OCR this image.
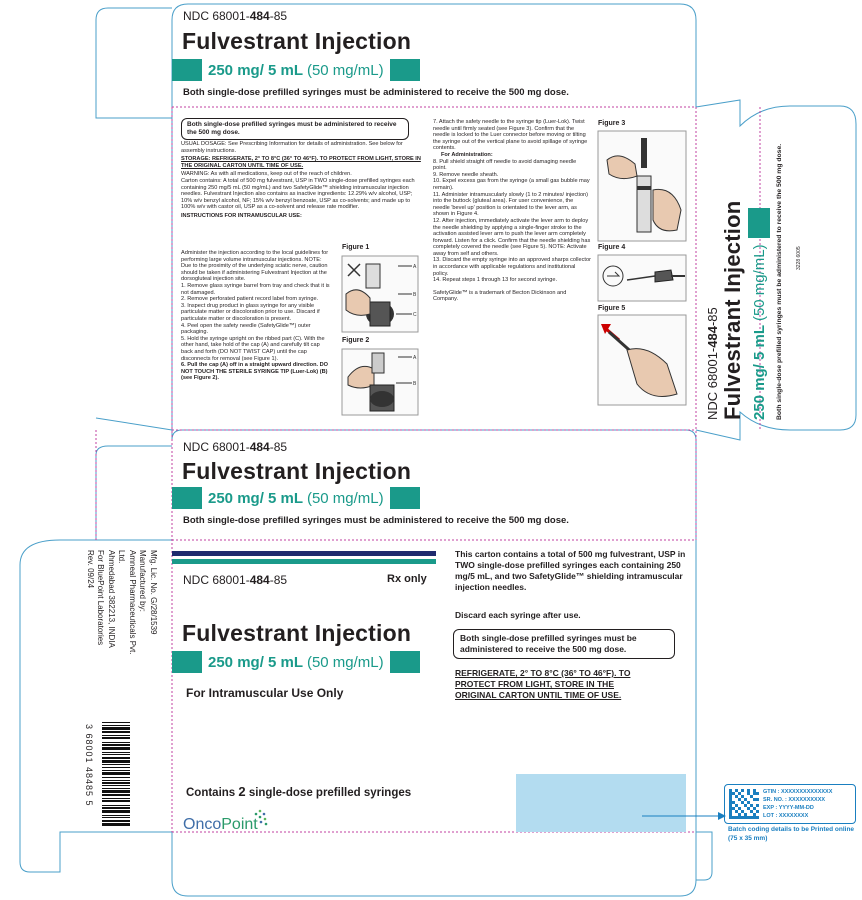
NDC 68001-484-85
Fulvestrant Injection
250 mg/ 5 mL (50 mg/mL)
Both single-dose prefilled syringes must be administered to receive the 500 mg dose.
Both single-dose prefilled syringes must be administered to receive the 500 mg dose.
USUAL DOSAGE: See Prescribing Information for details of administration. See below for assembly instructions.
STORAGE: REFRIGERATE, 2° TO 8°C (36° TO 46°F). TO PROTECT FROM LIGHT, STORE IN THE ORIGINAL CARTON UNTIL TIME OF USE.
WARNING: As with all medications, keep out of the reach of children.
Carton contains: A total of 500 mg fulvestrant, USP in TWO single-dose prefilled syringes each containing 250 mg/5 mL (50 mg/mL) and two SafetyGlide™ shielding intramuscular injection needles. Fulvestrant Injection also contains as inactive ingredients: 12.29% w/v alcohol, USP; 10% w/v benzyl alcohol, NF; 15% w/v benzyl benzoate, USP as co-solvents; and made up to 100% w/v with castor oil, USP as a co-solvent and release rate modifier.
INSTRUCTIONS FOR INTRAMUSCULAR USE:
Administer the injection according to the local guidelines for performing large volume intramuscular injections. NOTE: Due to the proximity of the underlying sciatic nerve, caution should be taken if administering Fulvestrant Injection at the dorsogluteal injection site.
1. Remove glass syringe barrel from tray and check that it is not damaged.
2. Remove perforated patient record label from syringe.
3. Inspect drug product in glass syringe for any visible particulate matter or discoloration prior to use. Discard if particulate matter or discoloration is present.
4. Peel open the safety needle (SafetyGlide™) outer packaging.
5. Hold the syringe upright on the ribbed part (C). With the other hand, take hold of the cap (A) and carefully tilt cap back and forth (DO NOT TWIST CAP) until the cap disconnects for removal (see Figure 1).
6. Pull the cap (A) off in a straight upward direction. DO NOT TOUCH THE STERILE SYRINGE TIP (Luer-Lok) (B) (see Figure 2).
Figure 1
A
B
C
Figure 2
A
B
7. Attach the safety needle to the syringe tip (Luer-Lok). Twist needle until firmly seated (see Figure 3). Confirm that the needle is locked to the Luer connector before moving or tilting the syringe out of the vertical plane to avoid spillage of syringe contents.
For Administration:
8. Pull shield straight off needle to avoid damaging needle point.
9. Remove needle sheath.
10. Expel excess gas from the syringe (a small gas bubble may remain).
11. Administer intramuscularly slowly (1 to 2 minutes/ injection) into the buttock (gluteal area). For user convenience, the needle 'bevel up' position is orientated to the lever arm, as shown in Figure 4.
12. After injection, immediately activate the lever arm to deploy the needle shielding by applying a single-finger stroke to the activation assisted lever arm to push the lever arm completely forward. Listen for a click. Confirm that the needle shielding has completely covered the needle (see Figure 5). NOTE: Activate away from self and others.
13. Discard the empty syringe into an approved sharps collector in accordance with applicable regulations and institutional policy.
14. Repeat steps 1 through 13 for second syringe.
SafetyGlide™ is a trademark of Becton Dickinson and Company.
Figure 3
Figure 4
Figure 5
NDC 68001-484-85 Fulvestrant Injection 250 mg/ 5 mL (50 mg/mL) Both single-dose prefilled syringes must be administered to receive the 500 mg dose.	3228 6005
NDC 68001-484-85
Fulvestrant Injection
250 mg/ 5 mL (50 mg/mL)
Both single-dose prefilled syringes must be administered to receive the 500 mg dose.
Mfg. Lic. No. G/28/1539
Manufactured by:
Amneal Pharmaceuticals Pvt. Ltd.
Ahmedabad 382213, INDIA
For BluePoint Laboratories
Rev. 09/24
3 68001 48485 5
NDC 68001-484-85	Rx only
Fulvestrant Injection
250 mg/ 5 mL (50 mg/mL)
For Intramuscular Use Only
Contains 2 single-dose prefilled syringes
OncoPoint
This carton contains a total of 500 mg fulvestrant, USP in TWO single-dose prefilled syringes each containing 250 mg/5 mL, and two SafetyGlide™ shielding intramuscular injection needles.
Discard each syringe after use.
Both single-dose prefilled syringes must be administered to receive the 500 mg dose.
REFRIGERATE, 2° TO 8°C (36° TO 46°F). TO PROTECT FROM LIGHT, STORE IN THE ORIGINAL CARTON UNTIL TIME OF USE.
GTIN : XXXXXXXXXXXXXX
SR. NO. : XXXXXXXXXX
EXP : YYYY-MM-DD
LOT : XXXXXXXX
Batch coding details to be Printed online (75 x 35 mm)
